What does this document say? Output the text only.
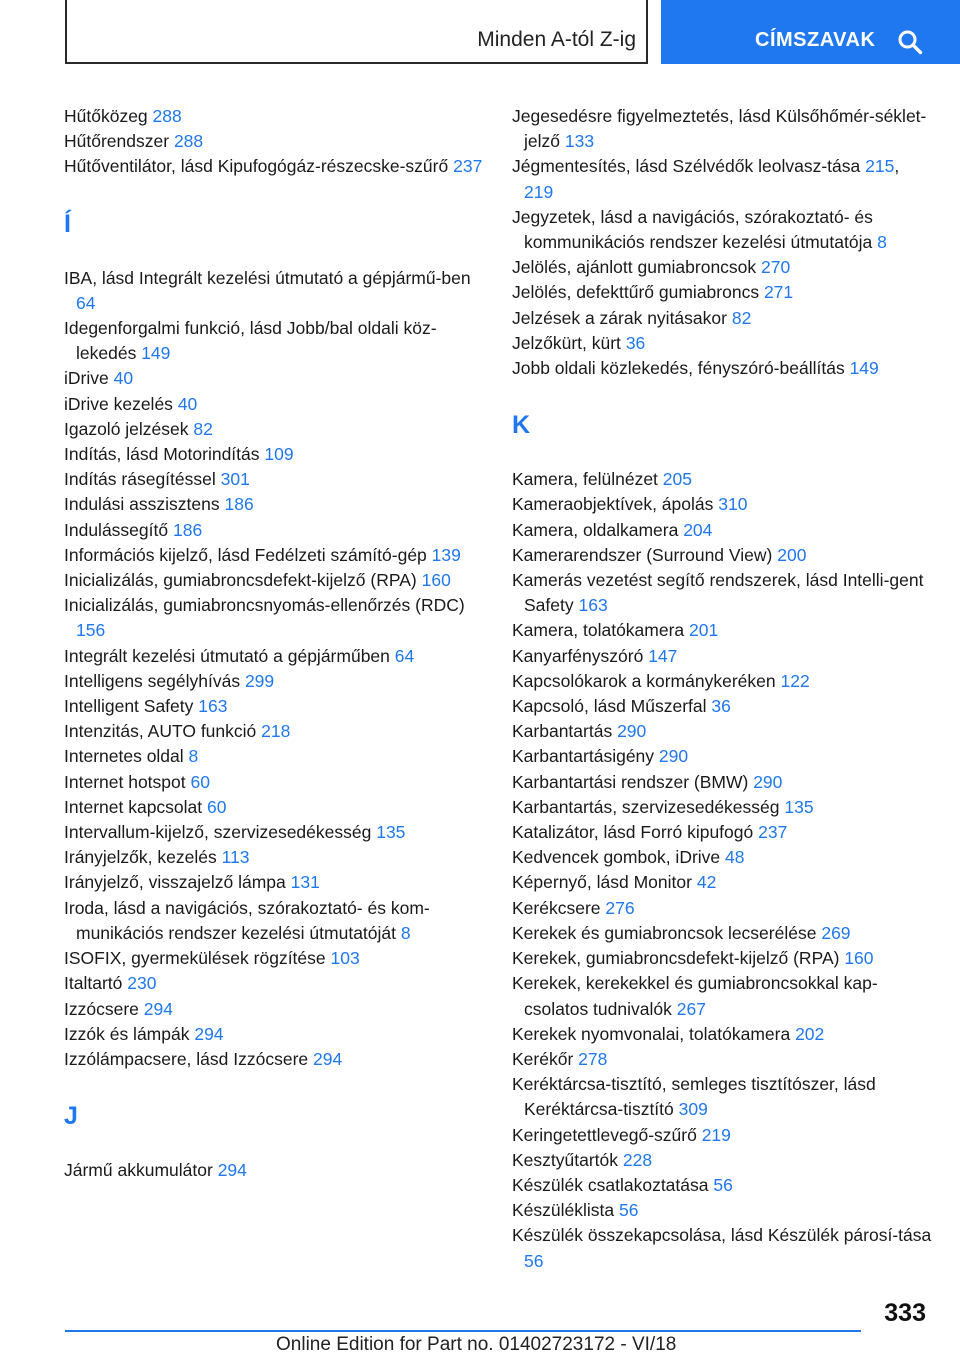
Minden A-tól Z-ig	CÍMSZAVAK
Hűtőközeg 288
Hűtőrendszer 288
Hűtőventilátor, lásd Kipufogógáz-részecske-szűrő 237
Í
IBA, lásd Integrált kezelési útmutató a gépjármű-ben 64
Idegenforgalmi funkció, lásd Jobb/bal oldali köz-lekedés 149
iDrive 40
iDrive kezelés 40
Igazoló jelzések 82
Indítás, lásd Motorindítás 109
Indítás rásegítéssel 301
Indulási asszisztens 186
Indulássegítő 186
Információs kijelző, lásd Fedélzeti számító-gép 139
Inicializálás, gumiabroncsdefekt-kijelző (RPA) 160
Inicializálás, gumiabroncsnyomás-ellenőrzés (RDC) 156
Integrált kezelési útmutató a gépjárműben 64
Intelligens segélyhívás 299
Intelligent Safety 163
Intenzitás, AUTO funkció 218
Internetes oldal 8
Internet hotspot 60
Internet kapcsolat 60
Intervallum-kijelző, szervizesedékesség 135
Irányjelzők, kezelés 113
Irányjelző, visszajelző lámpa 131
Iroda, lásd a navigációs, szórakoztató- és kom-munikációs rendszer kezelési útmutatóját 8
ISOFIX, gyermekülések rögzítése 103
Italtartó 230
Izzócsere 294
Izzók és lámpák 294
Izzólámpacsere, lásd Izzócsere 294
J
Jármű akkumulátor 294
Jegesedésre figyelmeztetés, lásd Külsőhőmér-séklet-jelző 133
Jégmentesítés, lásd Szélvédők leolvasz-tása 215, 219
Jegyzetek, lásd a navigációs, szórakoztató- és kommunikációs rendszer kezelési útmutatója 8
Jelölés, ajánlott gumiabroncsok 270
Jelölés, defekttűrő gumiabroncs 271
Jelzések a zárak nyitásakor 82
Jelzőkürt, kürt 36
Jobb oldali közlekedés, fényszóró-beállítás 149
K
Kamera, felülnézet 205
Kameraobjektívek, ápolás 310
Kamera, oldalkamera 204
Kamerarendszer (Surround View) 200
Kamerás vezetést segítő rendszerek, lásd Intelli-gent Safety 163
Kamera, tolatókamera 201
Kanyarfényszóró 147
Kapcsolókarok a kormánykeréken 122
Kapcsoló, lásd Műszerfal 36
Karbantartás 290
Karbantartásigény 290
Karbantartási rendszer (BMW) 290
Karbantartás, szervizesedékesség 135
Katalizátor, lásd Forró kipufogó 237
Kedvencek gombok, iDrive 48
Képernyő, lásd Monitor 42
Kerékcsere 276
Kerekek és gumiabroncsok lecserélése 269
Kerekek, gumiabroncsdefekt-kijelző (RPA) 160
Kerekek, kerekekkel és gumiabroncsokkal kap-csolatos tudnivalók 267
Kerekek nyomvonalai, tolatókamera 202
Kerékőr 278
Keréktárcsa-tisztító, semleges tisztítószer, lásd Keréktárcsa-tisztító 309
Keringetettlevegő-szűrő 219
Kesztyűtartók 228
Készülék csatlakoztatása 56
Készüléklista 56
Készülék összekapcsolása, lásd Készülék párosí-tása 56
333
Online Edition for Part no. 01402723172 - VI/18
